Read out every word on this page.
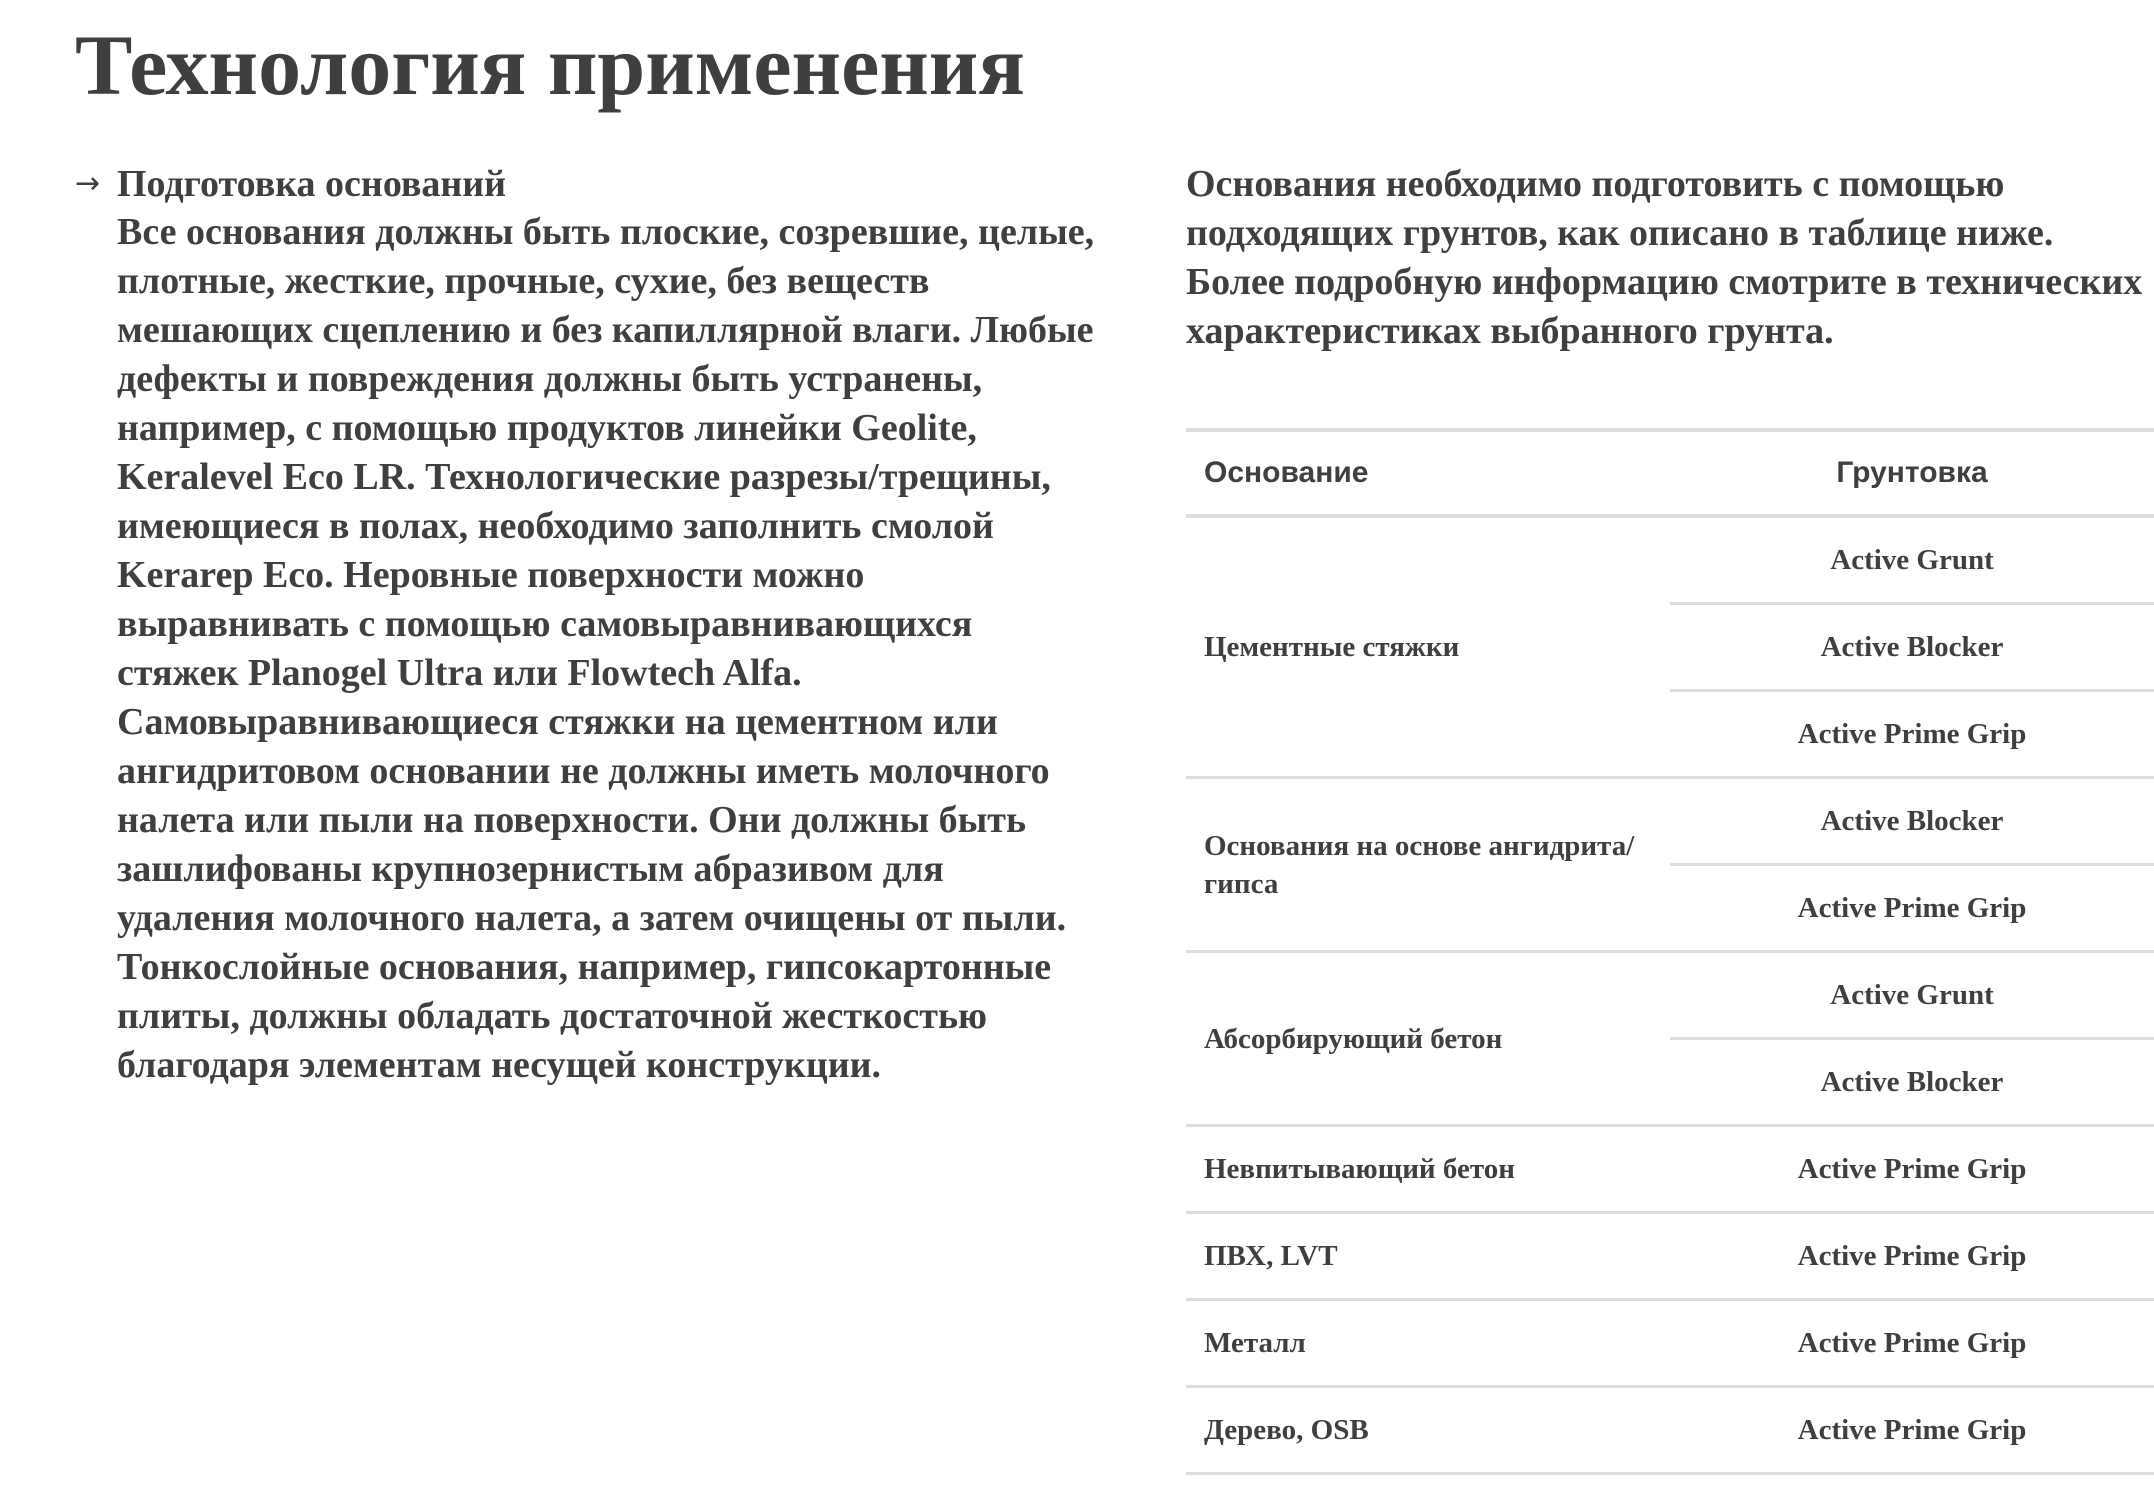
Технология применения
→ Подготовка оснований

Все основания должны быть плоские, созревшие, целые, плотные, жесткие, прочные, сухие, без веществ мешающих сцеплению и без капиллярной влаги. Любые дефекты и повреждения должны быть устранены, например, с помощью продуктов линейки Geolite, Keralevel Eco LR. Технологические разрезы/трещины, имеющиеся в полах, необходимо заполнить смолой Kerarep Eco. Неровные поверхности можно выравнивать с помощью самовыравнивающихся стяжек Planogel Ultra или Flowtech Alfa.

Самовыравнивающиеся стяжки на цементном или ангидритовом основании не должны иметь молочного налета или пыли на поверхности. Они должны быть зашлифованы крупнозернистым абразивом для удаления молочного налета, а затем очищены от пыли.

Тонкослойные основания, например, гипсокартонные плиты, должны обладать достаточной жесткостью благодаря элементам несущей конструкции.

Основания необходимо подготовить с помощью подходящих грунтов, как описано в таблице ниже. Более подробную информацию смотрите в технических характеристиках выбранного грунта.

Основание	Грунтовка
Цементные стяжки	Active Grunt
	Active Blocker
	Active Prime Grip
Основания на основе ангидрита/гипса	Active Blocker
	Active Prime Grip
Абсорбирующий бетон	Active Grunt
	Active Blocker
Невпитывающий бетон	Active Prime Grip
ПВХ, LVT	Active Prime Grip
Металл	Active Prime Grip
Дерево, OSB	Active Prime Grip
